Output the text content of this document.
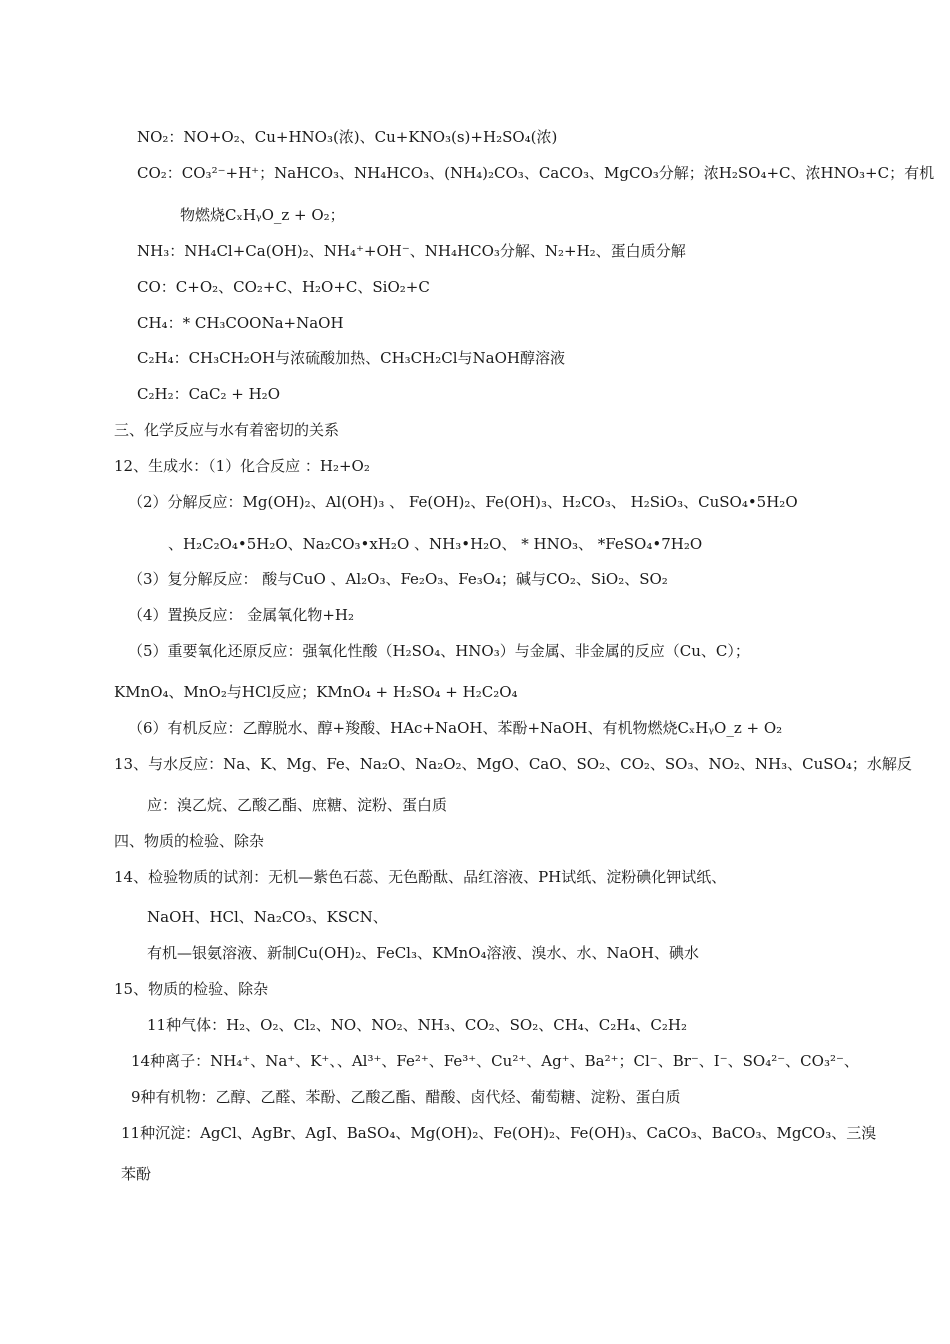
NO₂：NO+O₂、Cu+HNO₃(浓)、Cu+KNO₃(s)+H₂SO₄(浓)
CO₂：CO₃²⁻+H⁺；NaHCO₃、NH₄HCO₃、(NH₄)₂CO₃、CaCO₃、MgCO₃分解；浓H₂SO₄+C、浓HNO₃+C；有机
物燃烧CₓHᵧO_z + O₂；
NH₃：NH₄Cl+Ca(OH)₂、NH₄⁺+OH⁻、NH₄HCO₃分解、N₂+H₂、蛋白质分解
CO：C+O₂、CO₂+C、H₂O+C、SiO₂+C
CH₄：* CH₃COONa+NaOH
C₂H₄：CH₃CH₂OH与浓硫酸加热、CH₃CH₂Cl与NaOH醇溶液
C₂H₂：CaC₂ + H₂O
三、化学反应与水有着密切的关系
12、生成水：（1）化合反应 ：H₂+O₂
（2）分解反应：Mg(OH)₂、Al(OH)₃ 、 Fe(OH)₂、Fe(OH)₃、H₂CO₃、 H₂SiO₃、CuSO₄•5H₂O
、H₂C₂O₄•5H₂O、Na₂CO₃•xH₂O 、NH₃•H₂O、 * HNO₃、 *FeSO₄•7H₂O
（3）复分解反应： 酸与CuO 、Al₂O₃、Fe₂O₃、Fe₃O₄；碱与CO₂、SiO₂、SO₂
（4）置换反应： 金属氧化物+H₂
（5）重要氧化还原反应：强氧化性酸（H₂SO₄、HNO₃）与金属、非金属的反应（Cu、C）；
KMnO₄、MnO₂与HCl反应；KMnO₄ + H₂SO₄ + H₂C₂O₄
（6）有机反应：乙醇脱水、醇+羧酸、HAc+NaOH、苯酚+NaOH、有机物燃烧CₓHᵧO_z + O₂
13、与水反应：Na、K、Mg、Fe、Na₂O、Na₂O₂、MgO、CaO、SO₂、CO₂、SO₃、NO₂、NH₃、CuSO₄；水解反
应：溴乙烷、乙酸乙酯、庶糖、淀粉、蛋白质
四、物质的检验、除杂
14、检验物质的试剂：无机—紫色石蕊、无色酚酞、品红溶液、PH试纸、淀粉碘化钾试纸、
NaOH、HCl、Na₂CO₃、KSCN、
有机—银氨溶液、新制Cu(OH)₂、FeCl₃、KMnO₄溶液、溴水、水、NaOH、碘水
15、物质的检验、除杂
11种气体：H₂、O₂、Cl₂、NO、NO₂、NH₃、CO₂、SO₂、CH₄、C₂H₄、C₂H₂
14种离子：NH₄⁺、Na⁺、K⁺、、Al³⁺、Fe²⁺、Fe³⁺、Cu²⁺、Ag⁺、Ba²⁺；Cl⁻、Br⁻、I⁻、SO₄²⁻、CO₃²⁻、
9种有机物：乙醇、乙醛、苯酚、乙酸乙酯、醋酸、卤代烃、葡萄糖、淀粉、蛋白质
11种沉淀：AgCl、AgBr、AgI、BaSO₄、Mg(OH)₂、Fe(OH)₂、Fe(OH)₃、CaCO₃、BaCO₃、MgCO₃、三溴
苯酚
